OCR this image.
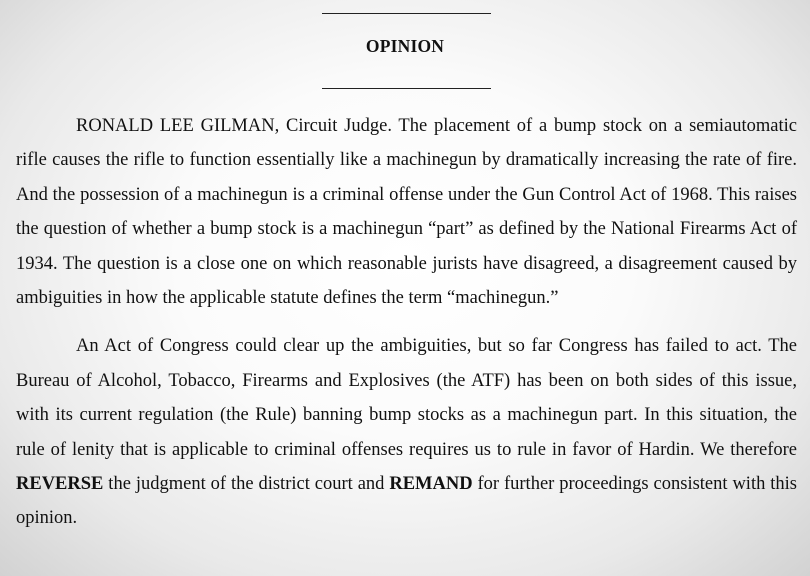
OPINION

RONALD LEE GILMAN, Circuit Judge. The placement of a bump stock on a semiautomatic rifle causes the rifle to function essentially like a machinegun by dramatically increasing the rate of fire. And the possession of a machinegun is a criminal offense under the Gun Control Act of 1968. This raises the question of whether a bump stock is a machinegun “part” as defined by the National Firearms Act of 1934. The question is a close one on which reasonable jurists have disagreed, a disagreement caused by ambiguities in how the applicable statute defines the term “machinegun.”

An Act of Congress could clear up the ambiguities, but so far Congress has failed to act. The Bureau of Alcohol, Tobacco, Firearms and Explosives (the ATF) has been on both sides of this issue, with its current regulation (the Rule) banning bump stocks as a machinegun part. In this situation, the rule of lenity that is applicable to criminal offenses requires us to rule in favor of Hardin. We therefore REVERSE the judgment of the district court and REMAND for further proceedings consistent with this opinion.
